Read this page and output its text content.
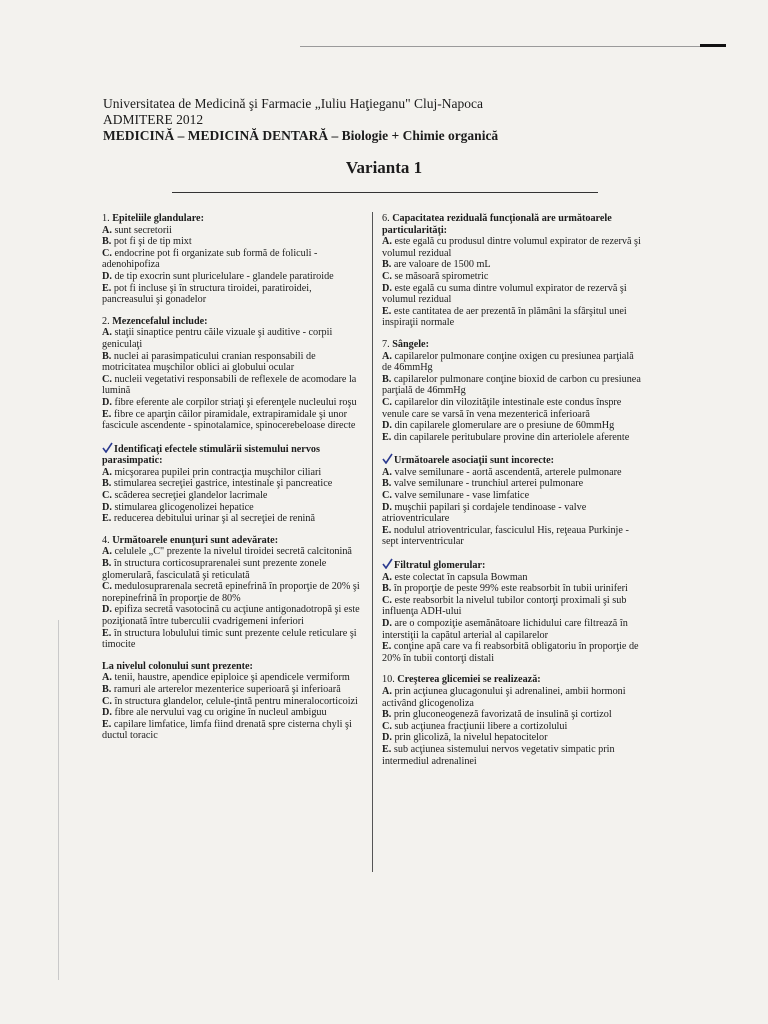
Universitatea de Medicină şi Farmacie „Iuliu Haţieganu" Cluj-Napoca
ADMITERE 2012
MEDICINĂ – MEDICINĂ DENTARĂ – Biologie + Chimie organică
Varianta 1
1. Epiteliile glandulare:
A. sunt secretorii
B. pot fi şi de tip mixt
C. endocrine pot fi organizate sub formă de foliculi - adenohipofiza
D. de tip exocrin sunt pluricelulare - glandele paratiroide
E. pot fi incluse şi în structura tiroidei, paratiroidei, pancreasului şi gonadelor
2. Mezencefalul include:
A. staţii sinaptice pentru căile vizuale şi auditive - corpii geniculaţi
B. nuclei ai parasimpaticului cranian responsabili de motricitatea muşchilor oblici ai globului ocular
C. nucleii vegetativi responsabili de reflexele de acomodare la lumină
D. fibre eferente ale corpilor striaţi şi eferenţele nucleului roşu
E. fibre ce aparţin căilor piramidale, extrapiramidale şi unor fascicule ascendente - spinotalamice, spinocerebeloase directe
Identificaţi efectele stimulării sistemului nervos parasimpatic:
A. micşorarea pupilei prin contracţia muşchilor ciliari
B. stimularea secreţiei gastrice, intestinale şi pancreatice
C. scăderea secreţiei glandelor lacrimale
D. stimularea glicogenolizei hepatice
E. reducerea debitului urinar şi al secreţiei de renină
4. Următoarele enunţuri sunt adevărate:
A. celulele „C" prezente la nivelul tiroidei secretă calcitonină
B. în structura corticosuprarenalei sunt prezente zonele glomerulară, fasciculată şi reticulată
C. medulosuprarenala secretă epinefrină în proporţie de 20% şi norepinefrină în proporţie de 80%
D. epifiza secretă vasotocină cu acţiune antigonadotropă şi este poziţionată între tuberculii cvadrigemeni inferiori
E. în structura lobulului timic sunt prezente celule reticulare şi timocite
La nivelul colonului sunt prezente:
A. tenii, haustre, apendice epiploice şi apendicele vermiform
B. ramuri ale arterelor mezenterice superioară şi inferioară
C. în structura glandelor, celule-ţintă pentru mineralocorticoizi
D. fibre ale nervului vag cu origine în nucleul ambiguu
E. capilare limfatice, limfa fiind drenată spre cisterna chyli şi ductul toracic
6. Capacitatea reziduală funcţională are următoarele particularităţi:
A. este egală cu produsul dintre volumul expirator de rezervă şi volumul rezidual
B. are valoare de 1500 mL
C. se măsoară spirometric
D. este egală cu suma dintre volumul expirator de rezervă şi volumul rezidual
E. este cantitatea de aer prezentă în plămâni la sfârşitul unei inspiraţii normale
7. Sângele:
A. capilarelor pulmonare conţine oxigen cu presiunea parţială de 46mmHg
B. capilarelor pulmonare conţine bioxid de carbon cu presiunea parţială de 46mmHg
C. capilarelor din vilozităţile intestinale este condus înspre venule care se varsă în vena mezenterică inferioară
D. din capilarele glomerulare are o presiune de 60mmHg
E. din capilarele peritubulare provine din arteriolele aferente
Următoarele asociaţii sunt incorecte:
A. valve semilunare - aortă ascendentă, arterele pulmonare
B. valve semilunare - trunchiul arterei pulmonare
C. valve semilunare - vase limfatice
D. muşchii papilari şi cordajele tendinoase - valve atrioventriculare
E. nodulul atrioventricular, fasciculul His, reţeaua Purkinje - sept interventricular
Filtratul glomerular:
A. este colectat în capsula Bowman
B. în proporţie de peste 99% este reabsorbit în tubii uriniferi
C. este reabsorbit la nivelul tubilor contorţi proximali şi sub influenţa ADH-ului
D. are o compoziţie asemănătoare lichidului care filtrează în interstiţii la capătul arterial al capilarelor
E. conţine apă care va fi reabsorbită obligatoriu în proporţie de 20% în tubii contorţi distali
10. Creşterea glicemiei se realizează:
A. prin acţiunea glucagonului şi adrenalinei, ambii hormoni activând glicogenoliza
B. prin gluconeogeneză favorizată de insulină şi cortizol
C. sub acţiunea fracţiunii libere a cortizolului
D. prin glicoliză, la nivelul hepatocitelor
E. sub acţiunea sistemului nervos vegetativ simpatic prin intermediul adrenalinei
